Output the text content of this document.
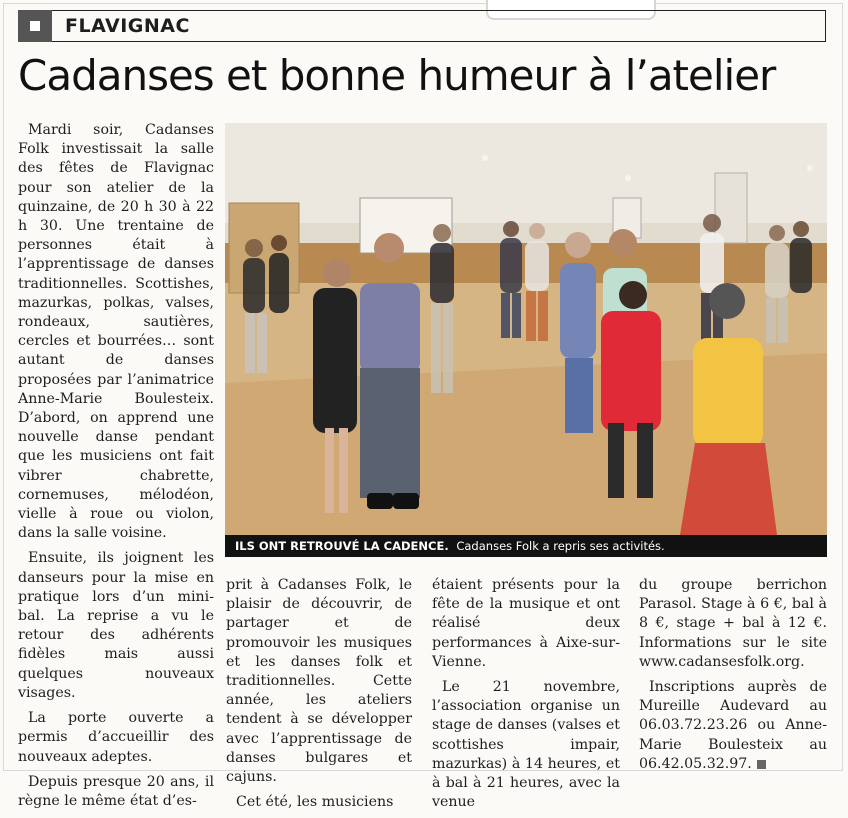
FLAVIGNAC
Cadanses et bonne humeur à l’atelier

Mardi soir, Cadanses Folk investissait la salle des fêtes de Flavignac pour son atelier de la quinzaine, de 20 h 30 à 22 h 30. Une trentaine de personnes était à l’apprentissage de danses traditionnelles. Scottishes, mazurkas, polkas, valses, rondeaux, sautières, cercles et bourrées… sont autant de danses proposées par l’animatrice Anne-Marie Boulesteix. D’abord, on apprend une nouvelle danse pendant que les musiciens ont fait vibrer chabrette, cornemuses, mélodéon, vielle à roue ou violon, dans la salle voisine.

Ensuite, ils joignent les danseurs pour la mise en pratique lors d’un mini-bal. La reprise a vu le retour des adhérents fidèles mais aussi quelques nouveaux visages.

La porte ouverte a permis d’accueillir des nouveaux adeptes.

Depuis presque 20 ans, il règne le même état d’es-

ILS ONT RETROUVÉ LA CADENCE. Cadanses Folk a repris ses activités.

prit à Cadanses Folk, le plaisir de découvrir, de partager et de promouvoir les musiques et les danses folk et traditionnelles. Cette année, les ateliers tendent à se développer avec l’apprentissage de danses bulgares et cajuns.

Cet été, les musiciens

étaient présents pour la fête de la musique et ont réalisé deux performances à Aixe-sur-Vienne.

Le 21 novembre, l’association organise un stage de danses (valses et scottishes impair, mazurkas) à 14 heures, et à bal à 21 heures, avec la venue

du groupe berrichon Parasol. Stage à 6 €, bal à 8 €, stage + bal à 12 €. Informations sur le site www.cadansesfolk.org.

Inscriptions auprès de Mureille Audevard au 06.03.72.23.26 ou Anne-Marie Boulesteix au 06.42.05.32.97.
